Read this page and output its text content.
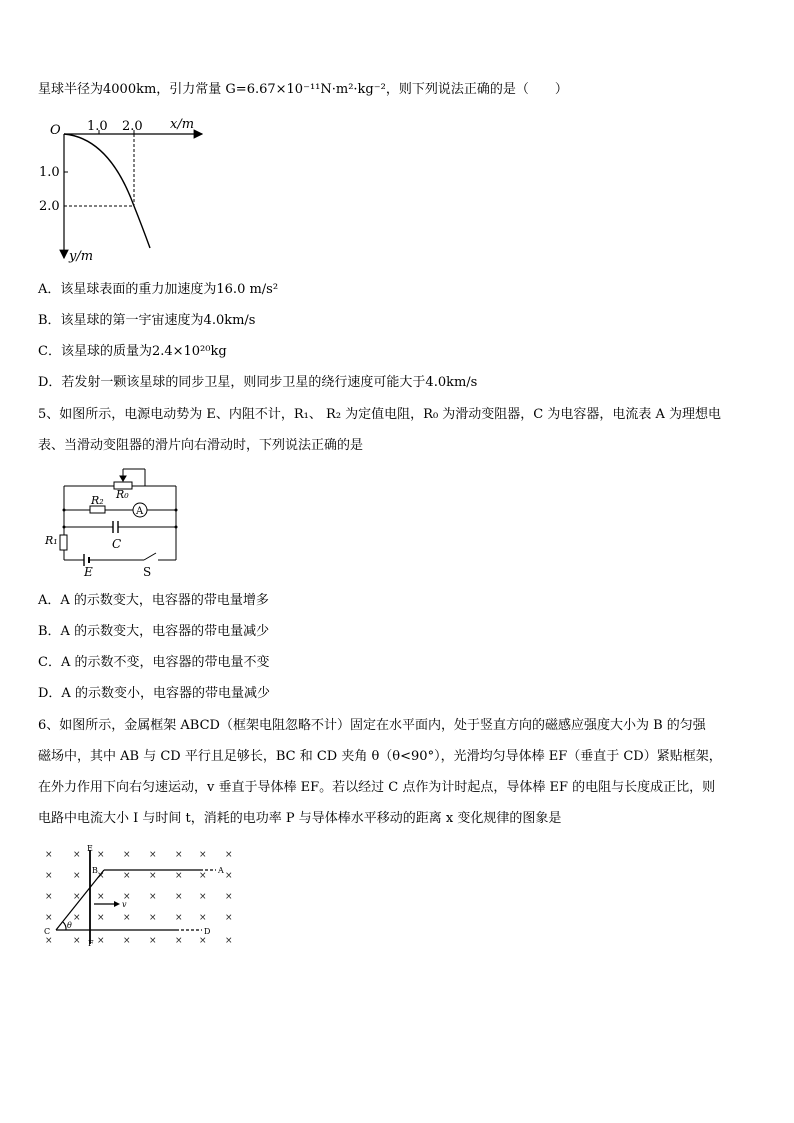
星球半径为4000km，引力常量 G=6.67×10⁻¹¹N·m²·kg⁻²，则下列说法正确的是（　　）
O 1.0 2.0 x/m
1.0
2.0
y/m
A．该星球表面的重力加速度为16.0 m/s²
B．该星球的第一宇宙速度为4.0km/s
C．该星球的质量为2.4×10²⁰kg
D．若发射一颗该星球的同步卫星，则同步卫星的绕行速度可能大于4.0km/s
5、如图所示，电源电动势为 E、内阻不计，R₁、 R₂ 为定值电阻，R₀ 为滑动变阻器，C 为电容器，电流表 A 为理想电
表、当滑动变阻器的滑片向右滑动时，下列说法正确的是
A
R₀
R₂
C
R₁
E	S
A．A 的示数变大，电容器的带电量增多
B．A 的示数变大，电容器的带电量减少
C．A 的示数不变，电容器的带电量不变
D．A 的示数变小，电容器的带电量减少
6、如图所示，金属框架 ABCD（框架电阻忽略不计）固定在水平面内，处于竖直方向的磁感应强度大小为 B 的匀强
磁场中，其中 AB 与 CD 平行且足够长，BC 和 CD 夹角 θ（θ<90°），光滑均匀导体棒 EF（垂直于 CD）紧贴框架，
在外力作用下向右匀速运动，v 垂直于导体棒 EF。若以经过 C 点作为计时起点，导体棒 EF 的电阻与长度成正比，则
电路中电流大小 I 与时间 t，消耗的电功率 P 与导体棒水平移动的距离 x 变化规律的图象是
× × × × × × × ×
× × × × × × × ×
× × × × × × × ×
× × × × × × × ×
× × × × × × × ×
E
F
B	A
C	D
θ
v
